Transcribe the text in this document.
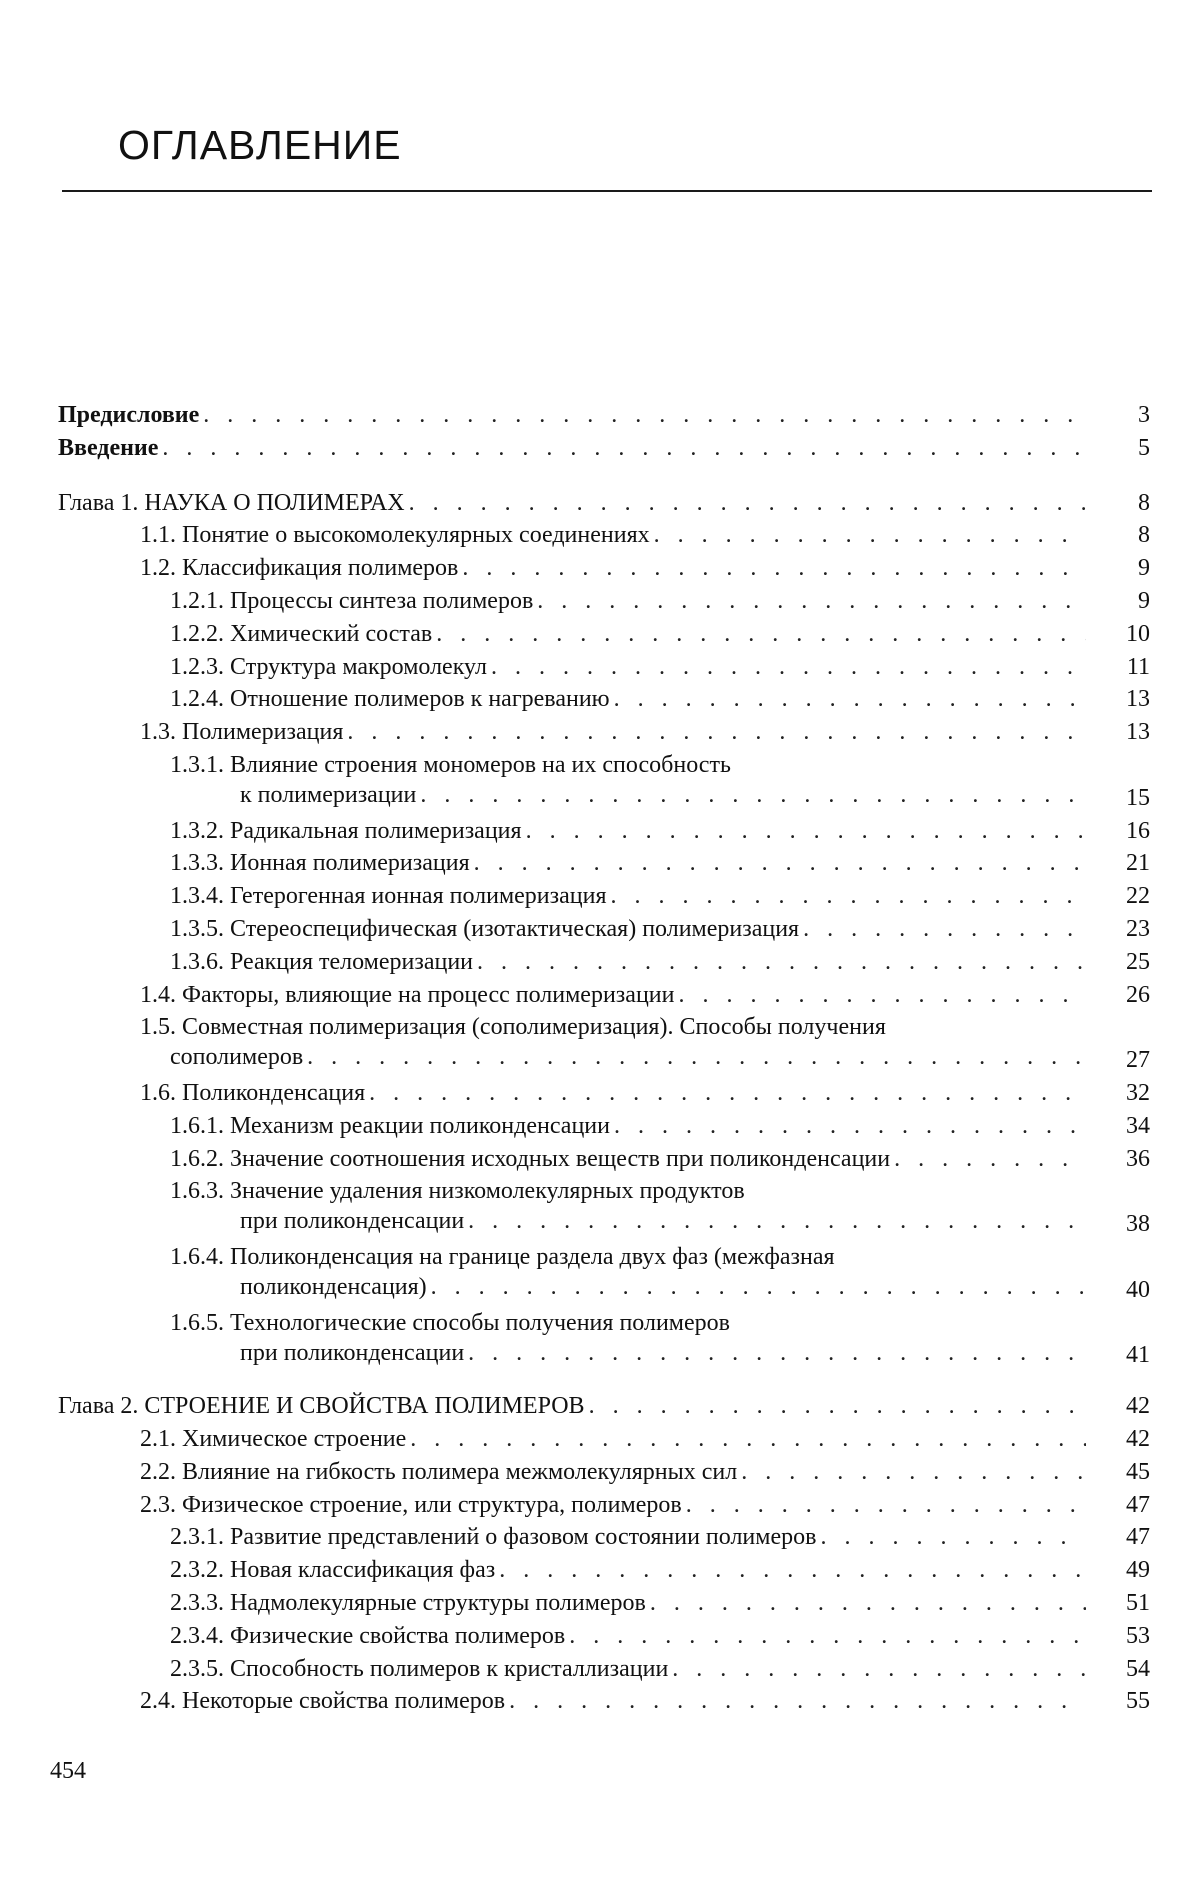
ОГЛАВЛЕНИЕ
Предисловие . . .	3
Введение . . .	5
Глава 1. НАУКА О ПОЛИМЕРАХ . . .	8
1.1. Понятие о высокомолекулярных соединениях . . .	8
1.2. Классификация полимеров . . .	9
1.2.1. Процессы синтеза полимеров . . .	9
1.2.2. Химический состав . . .	10
1.2.3. Структура макромолекул . . .	11
1.2.4. Отношение полимеров к нагреванию . . .	13
1.3. Полимеризация . . .	13
1.3.1. Влияние строения мономеров на их способность
к полимеризации . . .	15
1.3.2. Радикальная полимеризация . . .	16
1.3.3. Ионная полимеризация . . .	21
1.3.4. Гетерогенная ионная полимеризация . . .	22
1.3.5. Стереоспецифическая (изотактическая) полимеризация . . .	23
1.3.6. Реакция теломеризации . . .	25
1.4. Факторы, влияющие на процесс полимеризации . . .	26
1.5. Совместная полимеризация (сополимеризация). Способы получения
сополимеров . . .	27
1.6. Поликонденсация . . .	32
1.6.1. Механизм реакции поликонденсации . . .	34
1.6.2. Значение соотношения исходных веществ при поликонденсации . . .	36
1.6.3. Значение удаления низкомолекулярных продуктов
при поликонденсации . . .	38
1.6.4. Поликонденсация на границе раздела двух фаз (межфазная
поликонденсация) . . .	40
1.6.5. Технологические способы получения полимеров
при поликонденсации . . .	41
Глава 2. СТРОЕНИЕ И СВОЙСТВА ПОЛИМЕРОВ . . .	42
2.1. Химическое строение . . .	42
2.2. Влияние на гибкость полимера межмолекулярных сил . . .	45
2.3. Физическое строение, или структура, полимеров . . .	47
2.3.1. Развитие представлений о фазовом состоянии полимеров . . .	47
2.3.2. Новая классификация фаз . . .	49
2.3.3. Надмолекулярные структуры полимеров . . .	51
2.3.4. Физические свойства полимеров . . .	53
2.3.5. Способность полимеров к кристаллизации . . .	54
2.4. Некоторые свойства полимеров . . .	55
454
